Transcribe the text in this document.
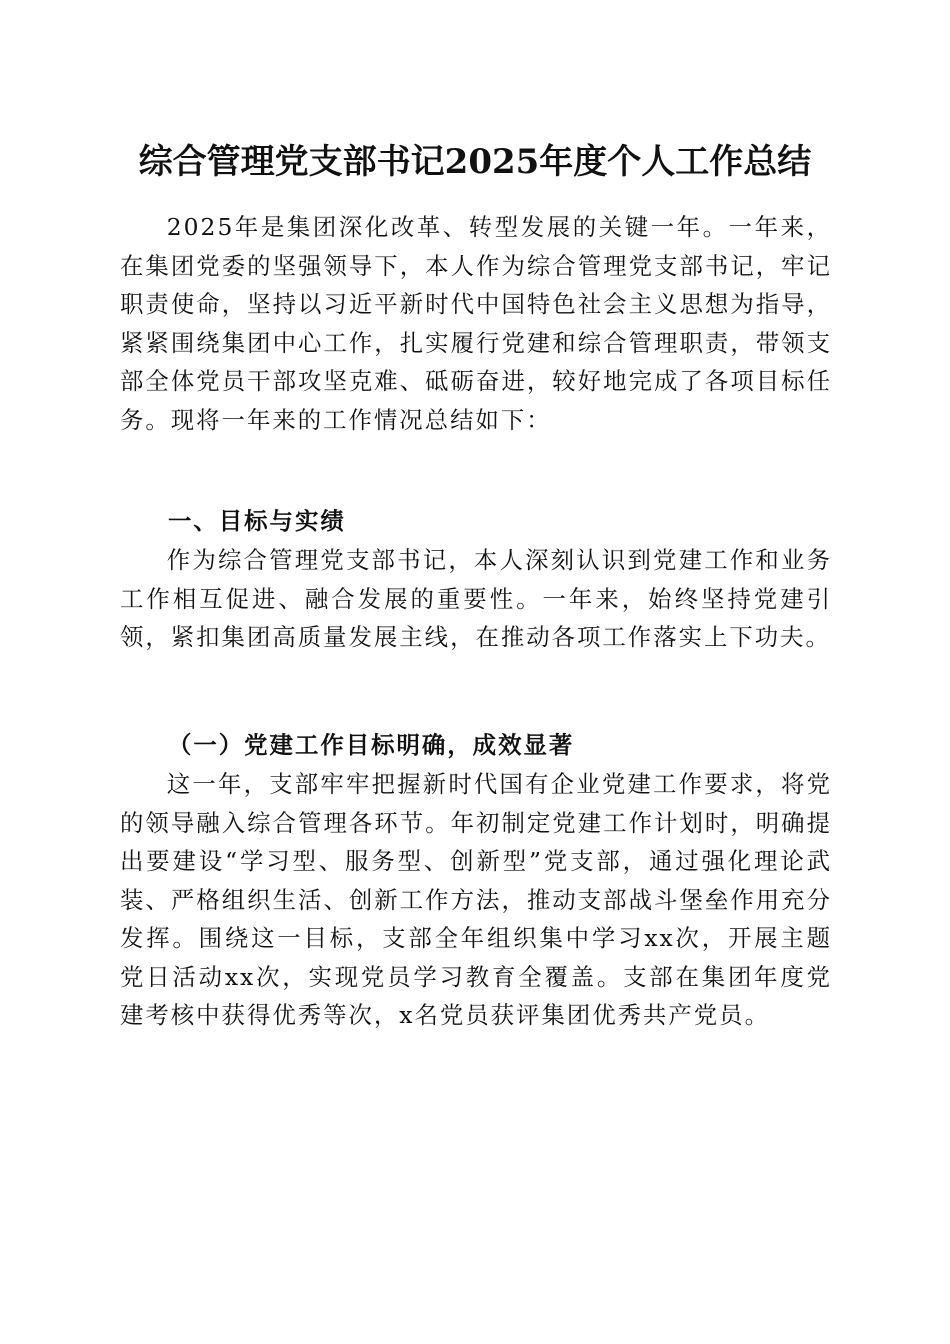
综合管理党支部书记2025年度个人工作总结

2025年是集团深化改革、转型发展的关键一年。一年来，在集团党委的坚强领导下，本人作为综合管理党支部书记，牢记职责使命，坚持以习近平新时代中国特色社会主义思想为指导，紧紧围绕集团中心工作，扎实履行党建和综合管理职责，带领支部全体党员干部攻坚克难、砥砺奋进，较好地完成了各项目标任务。现将一年来的工作情况总结如下：

一、目标与实绩

作为综合管理党支部书记，本人深刻认识到党建工作和业务工作相互促进、融合发展的重要性。一年来，始终坚持党建引领，紧扣集团高质量发展主线，在推动各项工作落实上下功夫。

（一）党建工作目标明确，成效显著

这一年，支部牢牢把握新时代国有企业党建工作要求，将党的领导融入综合管理各环节。年初制定党建工作计划时，明确提出要建设“学习型、服务型、创新型”党支部，通过强化理论武装、严格组织生活、创新工作方法，推动支部战斗堡垒作用充分发挥。围绕这一目标，支部全年组织集中学习xx次，开展主题党日活动xx次，实现党员学习教育全覆盖。支部在集团年度党建考核中获得优秀等次，x名党员获评集团优秀共产党员。
